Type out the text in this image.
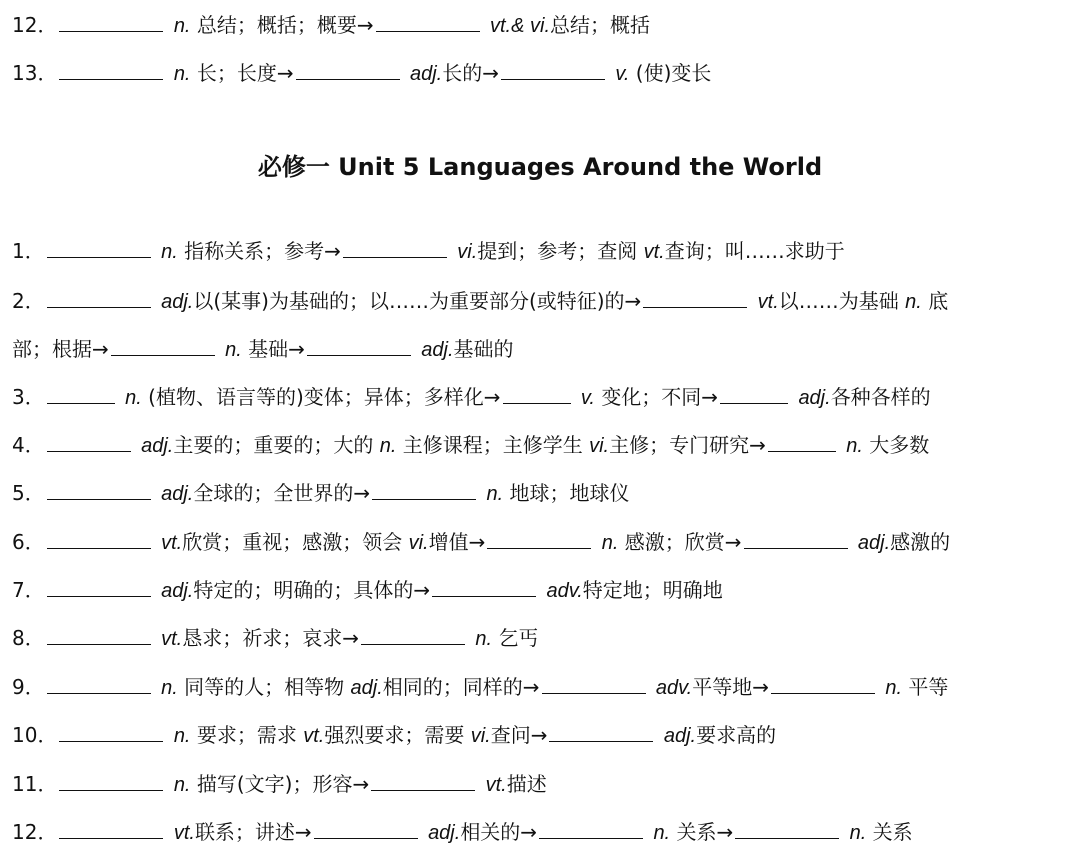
12．	n. 总结；概括；概要→	vt.& vi.总结；概括
13．	n. 长；长度→	adj.长的→	v. (使)变长
必修一 Unit 5 Languages Around the World
1．	n. 指称关系；参考→	vi.提到；参考；查阅 vt.查询；叫……求助于
2．	adj.以(某事)为基础的；以……为重要部分(或特征)的→	vt.以……为基础 n. 底
部；根据→	n. 基础→	adj.基础的
3．	n. (植物、语言等的)变体；异体；多样化→	v. 变化；不同→	adj.各种各样的
4．	adj.主要的；重要的；大的 n. 主修课程；主修学生 vi.主修；专门研究→	n. 大多数
5．	adj.全球的；全世界的→	n. 地球；地球仪
6．	vt.欣赏；重视；感激；领会 vi.增值→	n. 感激；欣赏→	adj.感激的
7．	adj.特定的；明确的；具体的→	adv.特定地；明确地
8．	vt.恳求；祈求；哀求→	n. 乞丐
9．	n. 同等的人；相等物 adj.相同的；同样的→	adv.平等地→	n. 平等
10．	n. 要求；需求 vt.强烈要求；需要 vi.查问→	adj.要求高的
11．	n. 描写(文字)；形容→	vt.描述
12．	vt.联系；讲述→	adj.相关的→	n. 关系→	n. 关系
